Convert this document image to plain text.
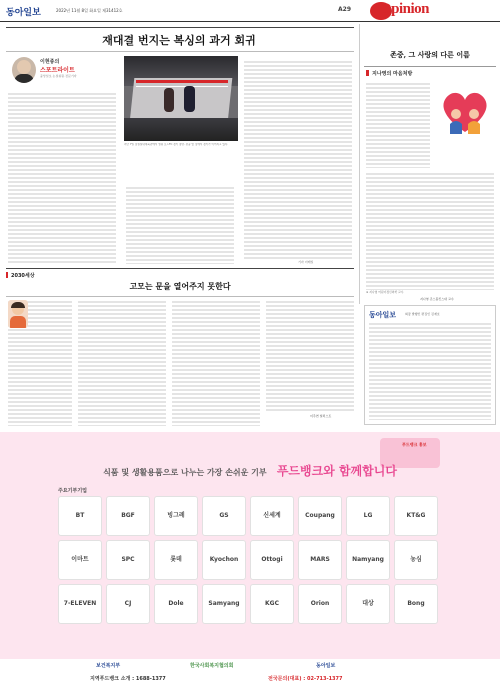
동아일보	2022년 11월 8일 화요일 제31412호	A29 Opinion
재대결 번지는 복싱의 과거 회귀
이현종의
스포트라이트
중앙일보 논설위원·전문기자
기자 이메일
지난 7일 잠실실내체육관에서 열린 로드FC 경기 장면. 관중 앞 링에서 경기가 이어지고 있다.
존중, 그 사랑의 다른 이름
지나영의 마음처방
※ 지나영 어린이정신의학 교수
지나영 존스홉킨스대 교수
2030세상
고모는 문을 열어주지 못한다
이주연 일러스트
동아일보	회장 발행인 편집인 김재호
푸드뱅크 홍보
식품 및 생활용품으로 나누는 가장 손쉬운 기부 푸드뱅크와 함께합니다
주요기부기업
BT	BGF	빙그레	GS	신세계	Coupang	LG	KT&G
이마트	SPC	롯데	Kyochon	Ottogi	MARS	Namyang	농심
7-ELEVEN	CJ	Dole	Samyang	KGC	Orion	대상	Bong
보건복지부	한국사회복지협의회	동아일보
지역푸드뱅크 소개 : 1688-1377	전국문의(대표) : 02-713-1377
